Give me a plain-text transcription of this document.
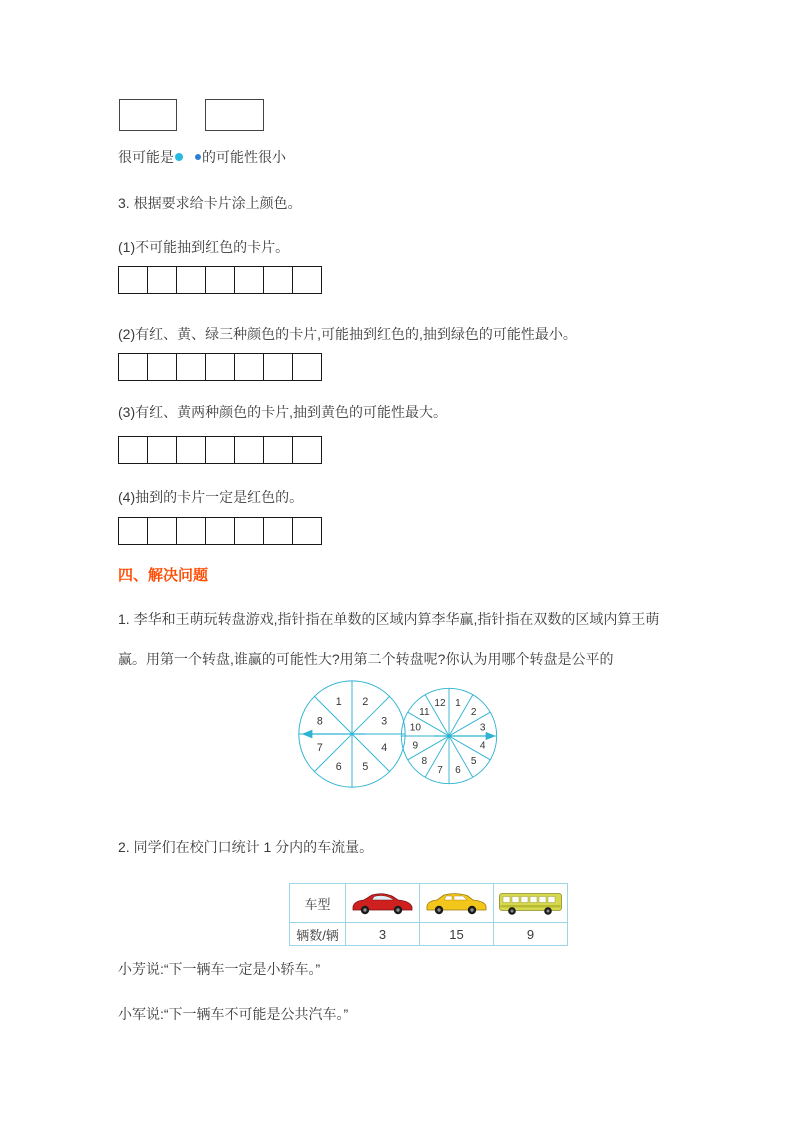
很可能是 的可能性很小
3. 根据要求给卡片涂上颜色。
(1)不可能抽到红色的卡片。
(2)有红、黄、绿三种颜色的卡片,可能抽到红色的,抽到绿色的可能性最小。
(3)有红、黄两种颜色的卡片,抽到黄色的可能性最大。
(4)抽到的卡片一定是红色的。
四、解决问题
1. 李华和王萌玩转盘游戏,指针指在单数的区域内算李华赢,指针指在双数的区域内算王萌
赢。用第一个转盘,谁赢的可能性大?用第二个转盘呢?你认为用哪个转盘是公平的
1 2
3
4
5
6
7
8
1
2
3
4
5
6
7
8
9
10
11
12
2. 同学们在校门口统计 1 分内的车流量。
车型	

辆数/辆	3	15	9
小芳说:“下一辆车一定是小轿车。”
小军说:“下一辆车不可能是公共汽车。”
